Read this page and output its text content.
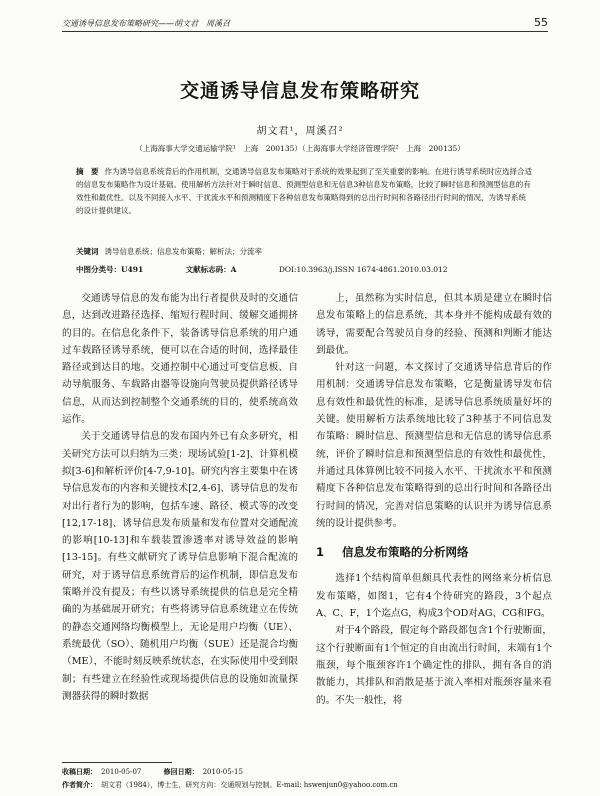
交通诱导信息发布策略研究——胡文君　周溪召	55
交通诱导信息发布策略研究
胡文君¹，周溪召²
（上海海事大学交通运输学院¹　上海　200135）（上海海事大学经济管理学院²　上海　200135）
摘　要 作为诱导信息系统背后的作用机制，交通诱导信息发布策略对于系统的效果起到了至关重要的影响。在进行诱导系统时应选择合适的信息发布策略作为设计基础。使用解析方法针对于瞬时信息、预测型信息和无信息3种信息发布策略，比较了瞬时信息和预测型信息的有效性和最优性。以及不同接入水平、干扰流水平和预测精度下各种信息发布策略得到的总出行时间和各路径出行时间的情况，为诱导系统的设计提供建议。
关键词 诱导信息系统；信息发布策略；解析法；分流率
中图分类号：U491	文献标志码：A	DOI:10.3963/j.ISSN 1674-4861.2010.03.012

交通诱导信息的发布能为出行者提供及时的交通信息，达到改进路径选择、缩短行程时间、缓解交通拥挤的目的。在信息化条件下，装备诱导信息系统的用户通过车载路径诱导系统，便可以在合适的时间，选择最佳路径或到达目的地。交通控制中心通过可变信息板、自动导航服务、车载路由器等设施向驾驶员提供路径诱导信息，从而达到控制整个交通系统的目的，使系统高效运作。

关于交通诱导信息的发布国内外已有众多研究，相关研究方法可以归纳为三类：现场试验[1-2]、计算机模拟[3-6]和解析评价[4-7,9-10]。研究内容主要集中在诱导信息发布的内容和关键技术[2,4-6]、诱导信息的发布对出行者行为的影响，包括车速、路径、模式等的改变[12,17-18]、诱导信息发布质量和发布位置对交通配流的影响[10-13]和车载装置渗透率对诱导效益的影响[13-15]。有些文献研究了诱导信息影响下混合配流的研究，对于诱导信息系统背后的运作机制，即信息发布策略并没有提及；有些以诱导系统提供的信息是完全精确的为基础展开研究；有些将诱导信息系统建立在传统的静态交通网络均衡模型上，无论是用户均衡（UE）、系统最优（SO）、随机用户均衡（SUE）还是混合均衡（ME），不能时刻反映系统状态，在实际使用中受到限制；有些建立在经验性或现场提供信息的设施如流量探测器获得的瞬时数据

上，虽然称为实时信息，但其本质是建立在瞬时信息发布策略上的信息系统，其本身并不能构成最有效的诱导，需要配合驾驶员自身的经验、预测和判断才能达到最优。

针对这一问题，本文探讨了交通诱导信息背后的作用机制：交通诱导信息发布策略，它是衡量诱导发布信息有效性和最优性的标准，是诱导信息系统质量好坏的关键。使用解析方法系统地比较了3种基于不同信息发布策略：瞬时信息、预测型信息和无信息的诱导信息系统，评价了瞬时信息和预测型信息的有效性和最优性，并通过具体算例比较不同接入水平、干扰流水平和预测精度下各种信息发布策略得到的总出行时间和各路径出行时间的情况，完善对信息策略的认识并为诱导信息系统的设计提供参考。

1 信息发布策略的分析网络

选择1个结构简单但颇具代表性的网络来分析信息发布策略，如图1，它有4个待研究的路段，3个起点A、C、F，1个迄点G，构成3个OD对AG、CG和FG。

对于4个路段，假定每个路段都包含1个行驶断面，这个行驶断面有1个恒定的自由流出行时间，末端有1个瓶颈，每个瓶颈容许1个确定性的排队，拥有各自的消散能力，其排队和消散是基于流入率相对瓶颈容量来看的。不失一般性，将

收稿日期： 2010-05-07	修回日期： 2010-05-15
作者简介： 胡文君（1984），博士生，研究方向：交通规划与控制。E-mail: hswenjun0@yahoo.com.cn
